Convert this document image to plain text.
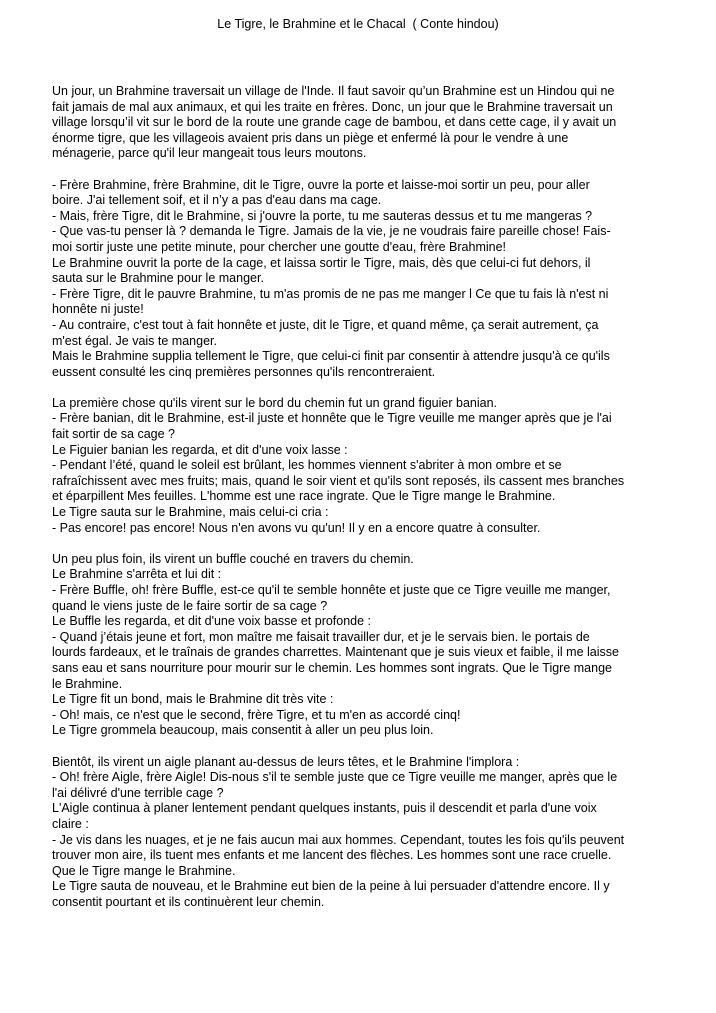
Le Tigre, le Brahmine et le Chacal  ( Conte hindou)
Un jour, un Brahmine traversait un village de l'Inde. Il faut savoir qu’un Brahmine est un Hindou qui ne
fait jamais de mal aux animaux, et qui les traite en frères. Donc, un jour que le Brahmine traversait un
village lorsqu’il vit sur le bord de la route une grande cage de bambou, et dans cette cage, il y avait un
énorme tigre, que les villageois avaient pris dans un piège et enfermé là pour le vendre à une
ménagerie, parce qu'il leur mangeait tous leurs moutons.
- Frère Brahmine, frère Brahmine, dit le Tigre, ouvre la porte et laisse-moi sortir un peu, pour aller
boire. J'ai tellement soif, et il n’y a pas d'eau dans ma cage.
- Mais, frère Tigre, dit le Brahmine, si j'ouvre la porte, tu me sauteras dessus et tu me mangeras ?
- Que vas-tu penser là ? demanda le Tigre. Jamais de la vie, je ne voudrais faire pareille chose! Fais-
moi sortir juste une petite minute, pour chercher une goutte d'eau, frère Brahmine!
Le Brahmine ouvrit la porte de la cage, et laissa sortir le Tigre, mais, dès que celui-ci fut dehors, il
sauta sur le Brahmine pour le manger.
- Frère Tigre, dit le pauvre Brahmine, tu m'as promis de ne pas me manger l Ce que tu fais là n'est ni
honnête ni juste!
- Au contraire, c'est tout à fait honnête et juste, dit le Tigre, et quand même, ça serait autrement, ça
m'est égal. Je vais te manger.
Mais le Brahmine supplia tellement le Tigre, que celui-ci finit par consentir à attendre jusqu'à ce qu'ils
eussent consulté les cinq premières personnes qu'ils rencontreraient.
La première chose qu'ils virent sur le bord du chemin fut un grand figuier banian.
- Frère banian, dit le Brahmine, est-il juste et honnête que le Tigre veuille me manger après que je l'ai
fait sortir de sa cage ?
Le Figuier banian les regarda, et dit d'une voix lasse :
- Pendant l’été, quand le soleil est brûlant, les hommes viennent s'abriter à mon ombre et se
rafraîchissent avec mes fruits; mais, quand le soir vient et qu'ils sont reposés, ils cassent mes branches
et éparpillent Mes feuilles. L'homme est une race ingrate. Que le Tigre mange le Brahmine.
Le Tigre sauta sur le Brahmine, mais celui-ci cria :
- Pas encore! pas encore! Nous n'en avons vu qu'un! Il y en a encore quatre à consulter.
Un peu plus foin, ils virent un buffle couché en travers du chemin.
Le Brahmine s'arrêta et lui dit :
- Frère Buffle, oh! frère Buffle, est-ce qu'il te semble honnête et juste que ce Tigre veuille me manger,
quand le viens juste de le faire sortir de sa cage ?
Le Buffle les regarda, et dit d'une voix basse et profonde :
- Quand j’étais jeune et fort, mon maître me faisait travailler dur, et je le servais bien. le portais de
lourds fardeaux, et le traînais de grandes charrettes. Maintenant que je suis vieux et faible, il me laisse
sans eau et sans nourriture pour mourir sur le chemin. Les hommes sont ingrats. Que le Tigre mange
le Brahmine.
Le Tigre fit un bond, mais le Brahmine dit très vite :
- Oh! mais, ce n'est que le second, frère Tigre, et tu m'en as accordé cinq!
Le Tigre grommela beaucoup, mais consentit à aller un peu plus loin.
Bientôt, ils virent un aigle planant au-dessus de leurs têtes, et le Brahmine l'implora :
- Oh! frère Aigle, frère Aigle! Dis-nous s'il te semble juste que ce Tigre veuille me manger, après que le
l'ai délivré d'une terrible cage ?
L'Aigle continua à planer lentement pendant quelques instants, puis il descendit et parla d'une voix
claire :
- Je vis dans les nuages, et je ne fais aucun mai aux hommes. Cependant, toutes les fois qu'ils peuvent
trouver mon aire, ils tuent mes enfants et me lancent des flèches. Les hommes sont une race cruelle.
Que le Tigre mange le Brahmine.
Le Tigre sauta de nouveau, et le Brahmine eut bien de la peine à lui persuader d'attendre encore. Il y
consentit pourtant et ils continuèrent leur chemin.
